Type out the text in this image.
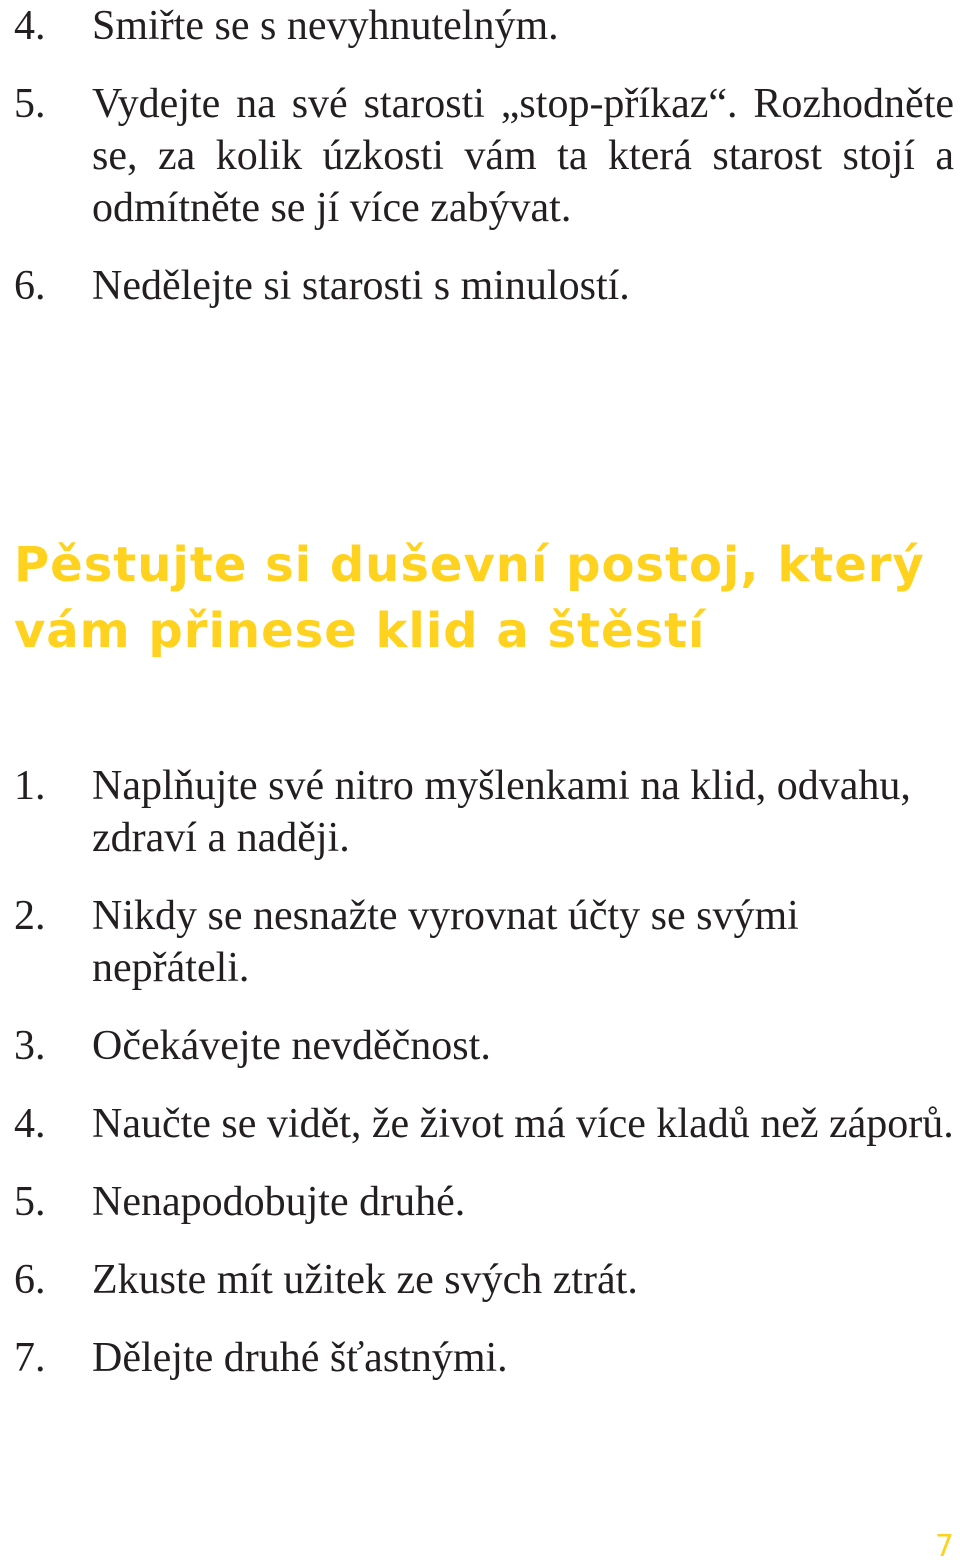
4. Smiřte se s nevyhnutelným.
5. Vydejte na své starosti „stop-příkaz“. Rozhodněte se, za kolik úzkosti vám ta která starost stojí a odmítněte se jí více zabývat.
6. Nedělejte si starosti s minulostí.
Pěstujte si duševní postoj, který vám přinese klid a štěstí
1. Naplňujte své nitro myšlenkami na klid, odvahu, zdraví a naději.
2. Nikdy se nesnažte vyrovnat účty se svými nepřáteli.
3. Očekávejte nevděčnost.
4. Naučte se vidět, že život má více kladů než záporů.
5. Nenapodobujte druhé.
6. Zkuste mít užitek ze svých ztrát.
7. Dělejte druhé šťastnými.
7
